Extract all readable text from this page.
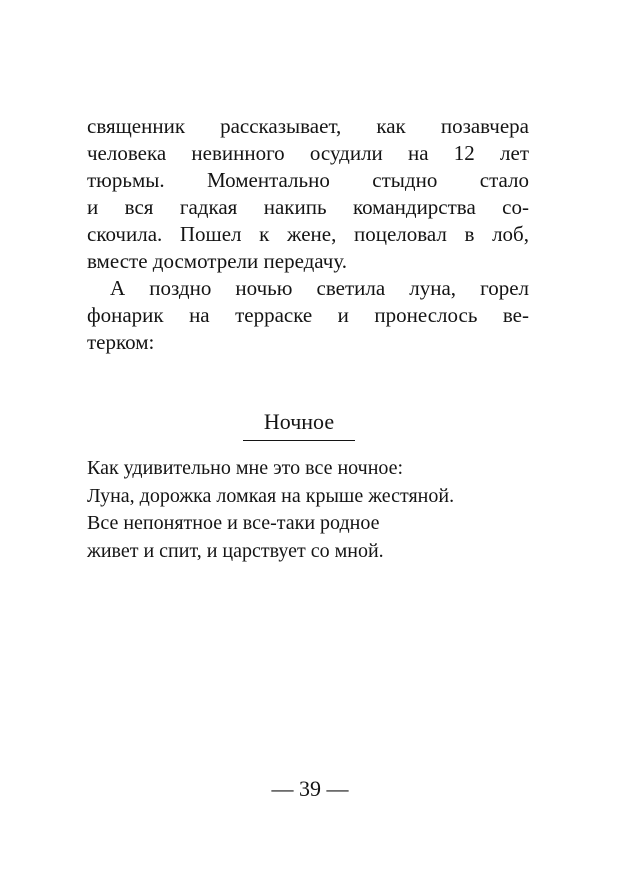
священник рассказывает, как позавчера
человека невинного осудили на 12 лет
тюрьмы. Моментально стыдно стало
и вся гадкая накипь командирства со-
скочила. Пошел к жене, поцеловал в лоб,
вместе досмотрели передачу.
А поздно ночью светила луна, горел
фонарик на терраске и пронеслось ве-
терком:
Ночное
Как удивительно мне это все ночное:
Луна, дорожка ломкая на крыше жестяной.
Все непонятное и все-таки родное
живет и спит, и царствует со мной.
— 39 —
